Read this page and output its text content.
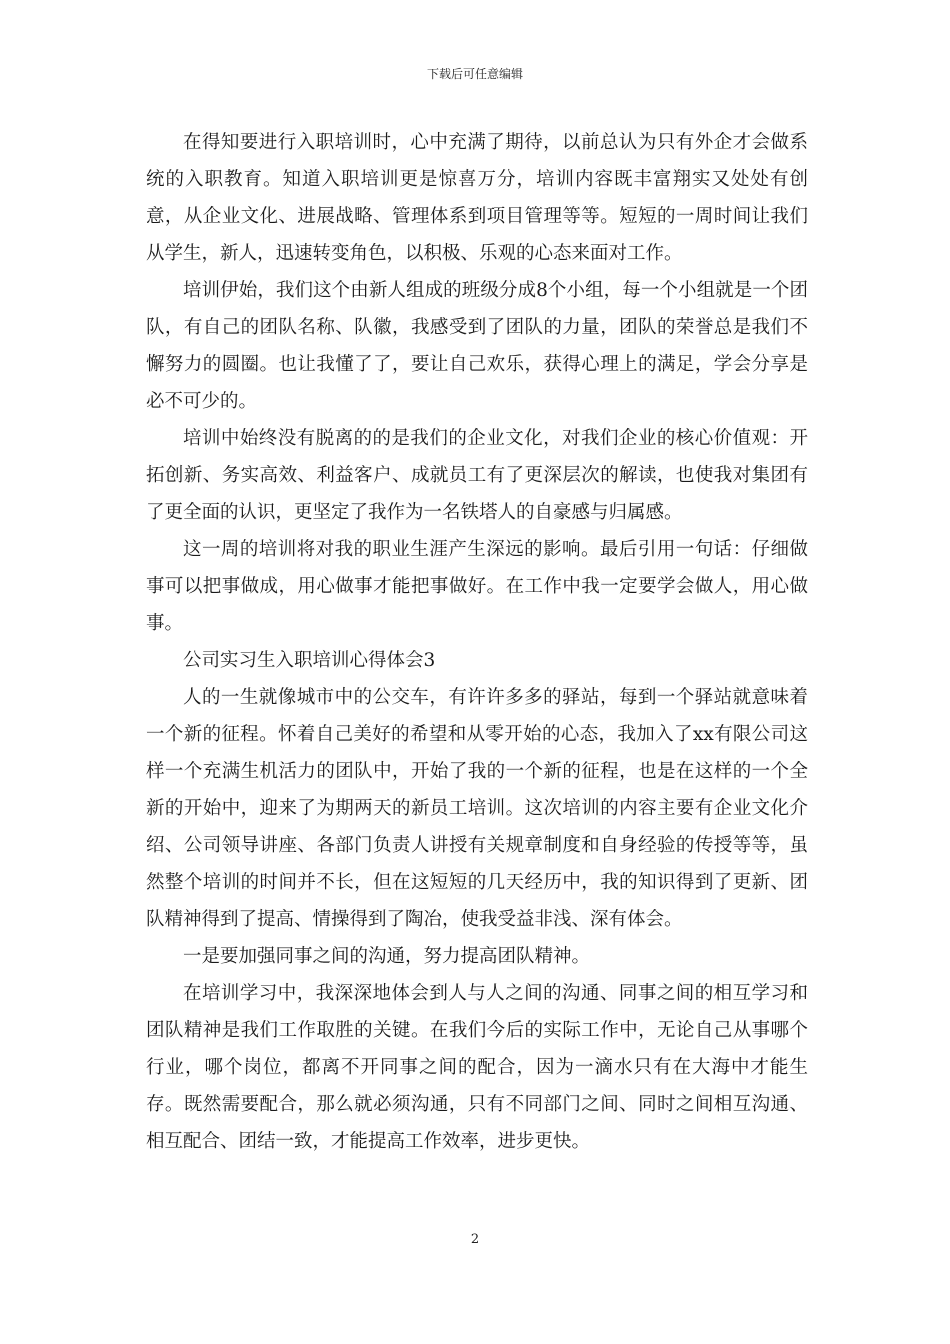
下载后可任意编辑

在得知要进行入职培训时，心中充满了期待，以前总认为只有外企才会做系统的入职教育。知道入职培训更是惊喜万分，培训内容既丰富翔实又处处有创意，从企业文化、进展战略、管理体系到项目管理等等。短短的一周时间让我们从学生，新人，迅速转变角色，以积极、乐观的心态来面对工作。

培训伊始，我们这个由新人组成的班级分成8个小组，每一个小组就是一个团队，有自己的团队名称、队徽，我感受到了团队的力量，团队的荣誉总是我们不懈努力的圆圈。也让我懂了了，要让自己欢乐，获得心理上的满足，学会分享是必不可少的。

培训中始终没有脱离的的是我们的企业文化，对我们企业的核心价值观：开拓创新、务实高效、利益客户、成就员工有了更深层次的解读，也使我对集团有了更全面的认识，更坚定了我作为一名铁塔人的自豪感与归属感。

这一周的培训将对我的职业生涯产生深远的影响。最后引用一句话：仔细做事可以把事做成，用心做事才能把事做好。在工作中我一定要学会做人，用心做事。

公司实习生入职培训心得体会3

人的一生就像城市中的公交车，有许许多多的驿站，每到一个驿站就意味着一个新的征程。怀着自己美好的希望和从零开始的心态，我加入了xx有限公司这样一个充满生机活力的团队中，开始了我的一个新的征程，也是在这样的一个全新的开始中，迎来了为期两天的新员工培训。这次培训的内容主要有企业文化介绍、公司领导讲座、各部门负责人讲授有关规章制度和自身经验的传授等等，虽然整个培训的时间并不长，但在这短短的几天经历中，我的知识得到了更新、团队精神得到了提高、情操得到了陶冶，使我受益非浅、深有体会。

一是要加强同事之间的沟通，努力提高团队精神。

在培训学习中，我深深地体会到人与人之间的沟通、同事之间的相互学习和团队精神是我们工作取胜的关键。在我们今后的实际工作中，无论自己从事哪个行业，哪个岗位，都离不开同事之间的配合，因为一滴水只有在大海中才能生存。既然需要配合，那么就必须沟通，只有不同部门之间、同时之间相互沟通、相互配合、团结一致，才能提高工作效率，进步更快。

2
